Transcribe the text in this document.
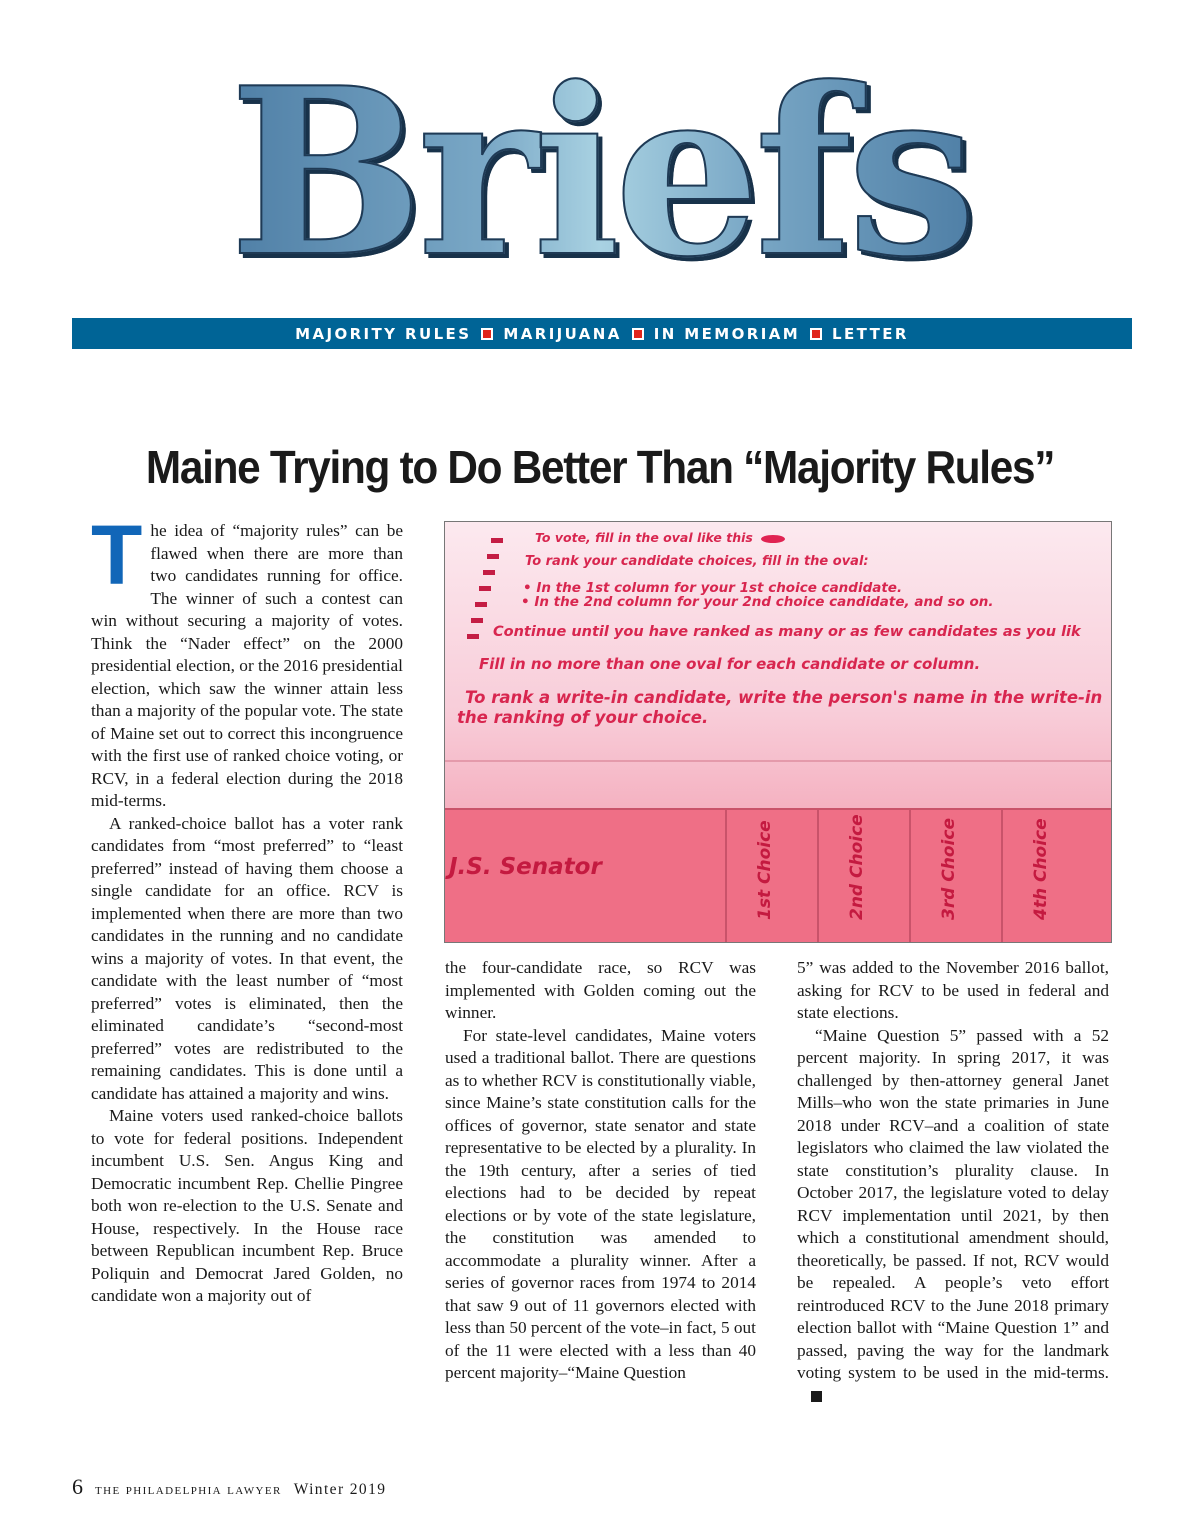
Briefs
MAJORITY RULES MARIJUANA IN MEMORIAM LETTER
Maine Trying to Do Better Than “Majority Rules”

The idea of “majority rules” can be flawed when there are more than two candidates running for office. The winner of such a contest can win without securing a majority of votes. Think the “Nader effect” on the 2000 presidential election, or the 2016 presidential election, which saw the winner attain less than a majority of the popular vote. The state of Maine set out to correct this incongruence with the first use of ranked choice voting, or RCV, in a federal election during the 2018 mid-terms.

A ranked-choice ballot has a voter rank candidates from “most preferred” to “least preferred” instead of having them choose a single candidate for an office. RCV is implemented when there are more than two candidates in the running and no candidate wins a majority of votes. In that event, the candidate with the least number of “most preferred” votes is eliminated, then the eliminated candidate’s “second-most preferred” votes are redistributed to the remaining candidates. This is done until a candidate has attained a majority and wins.

Maine voters used ranked-choice ballots to vote for federal positions. Independent incumbent U.S. Sen. Angus King and Democratic incumbent Rep. Chellie Pingree both won re-election to the U.S. Senate and House, respectively. In the House race between Republican incumbent Rep. Bruce Poliquin and Democrat Jared Golden, no candidate won a majority out of

To vote, fill in the oval like this
To rank your candidate choices, fill in the oval:
• In the 1st column for your 1st choice candidate.
• In the 2nd column for your 2nd choice candidate, and so on.
Continue until you have ranked as many or as few candidates as you lik
Fill in no more than one oval for each candidate or column.
To rank a write-in candidate, write the person's name in the write-in
the ranking of your choice.
J.S. Senator	1st Choice	2nd Choice	3rd Choice	4th Choice

the four-candidate race, so RCV was implemented with Golden coming out the winner.

For state-level candidates, Maine voters used a traditional ballot. There are questions as to whether RCV is constitutionally viable, since Maine’s state constitution calls for the offices of governor, state senator and state representative to be elected by a plurality. In the 19th century, after a series of tied elections had to be decided by repeat elections or by vote of the state legislature, the constitution was amended to accommodate a plurality winner. After a series of governor races from 1974 to 2014 that saw 9 out of 11 governors elected with less than 50 percent of the vote–in fact, 5 out of the 11 were elected with a less than 40 percent majority–“Maine Question

5” was added to the November 2016 ballot, asking for RCV to be used in federal and state elections.

“Maine Question 5” passed with a 52 percent majority. In spring 2017, it was challenged by then-attorney general Janet Mills–who won the state primaries in June 2018 under RCV–and a coalition of state legislators who claimed the law violated the state constitution’s plurality clause. In October 2017, the legislature voted to delay RCV implementation until 2021, by then which a constitutional amendment should, theoretically, be passed. If not, RCV would be repealed. A people’s veto effort reintroduced RCV to the June 2018 primary election ballot with “Maine Question 1” and passed, paving the way for the landmark voting system to be used in the mid-terms.

6 the philadelphia lawyer Winter 2019
